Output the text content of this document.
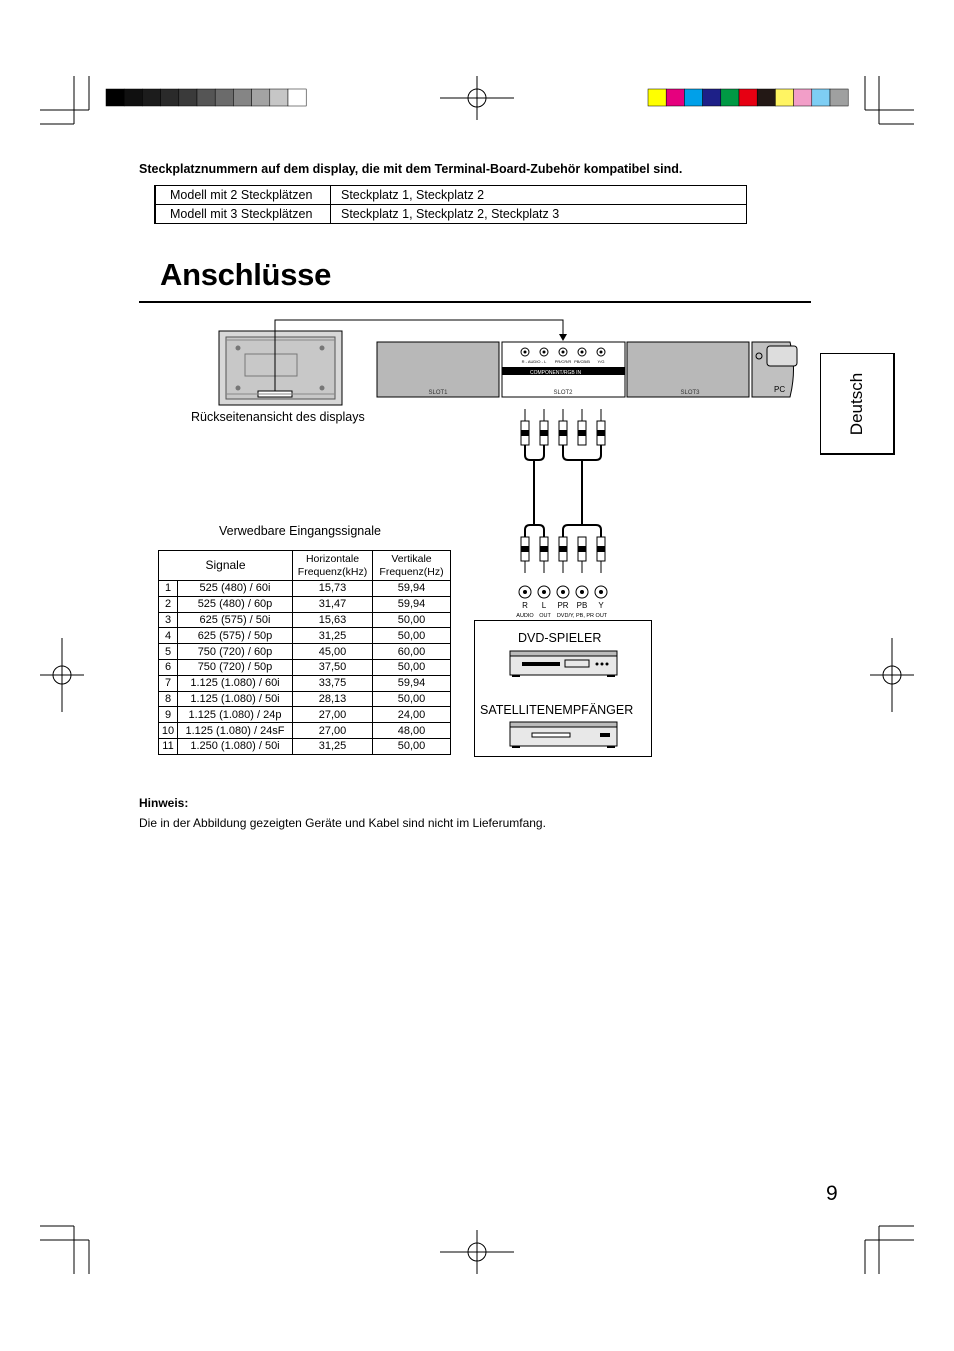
Steckplatznummern auf dem display, die mit dem Terminal-Board-Zubehör kompatibel sind.
Modell mit 2 Steckplätzen	Steckplatz 1, Steckplatz 2
Modell mit 3 Steckplätzen	Steckplatz 1, Steckplatz 2, Steckplatz 3
Anschlüsse
Deutsch
SLOT1	SLOT2	SLOT3	PC
COMPONENT/RGB IN
R - AUDIO - L PR/CR/R PB/CB/B Y/G
R L PR PB Y
AUDIO OUT DVD/Y, PB, PR OUT
Rückseitenansicht des displays
DVD-SPIELER
SATELLITENEMPFÄNGER
Verwedbare Eingangssignale
Signale		Horizontale Frequenz(kHz)	Vertikale Frequenz(Hz)
1	525 (480) / 60i	15,73	59,94
2	525 (480) / 60p	31,47	59,94
3	625 (575) / 50i	15,63	50,00
4	625 (575) / 50p	31,25	50,00
5	750 (720) / 60p	45,00	60,00
6	750 (720) / 50p	37,50	50,00
7	1.125 (1.080) / 60i	33,75	59,94
8	1.125 (1.080) / 50i	28,13	50,00
9	1.125 (1.080) / 24p	27,00	24,00
10	1.125 (1.080) / 24sF	27,00	48,00
11	1.250 (1.080) / 50i	31,25	50,00
Hinweis:
Die in der Abbildung gezeigten Geräte und Kabel sind nicht im Lieferumfang.
9
